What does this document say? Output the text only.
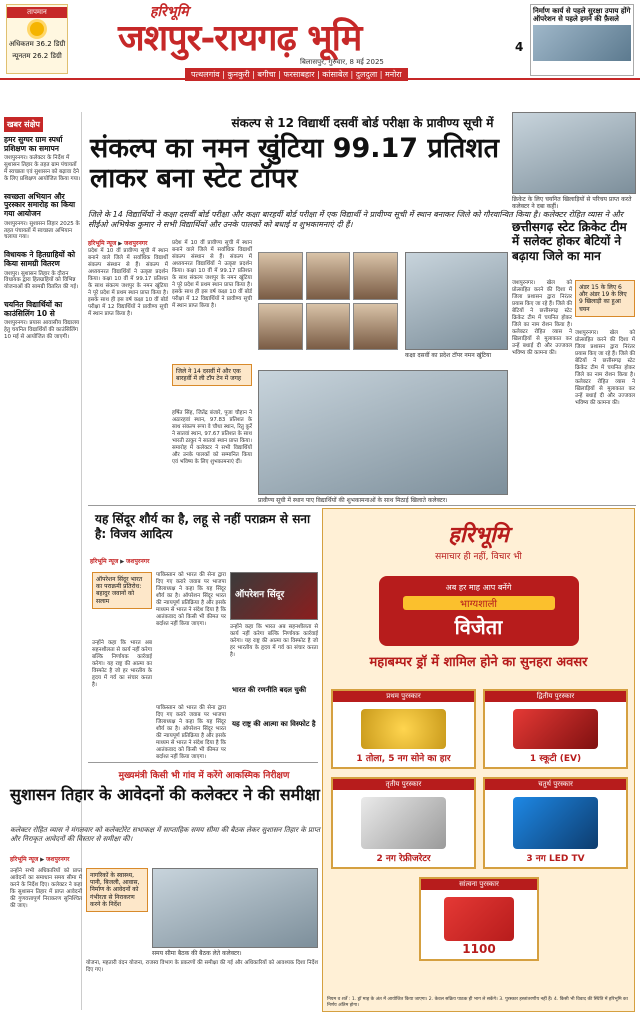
तापमान
अधिकतम 36.2 डिग्री
न्यूनतम 26.2 डिग्री
हरिभूमि
जशपुर-रायगढ़ भूमि
बिलासपुर, गुरुवार, 8 मई 2025
पत्थलगांव | कुनकुरी | बगीचा | फरसाबहार | कांसाबेल | दुलदुला | मनोरा
4
निर्माण कार्य से पहले सुरक्षा उपाय होंगे ऑपरेशन से पहले हमने की फ़ैसले
खबर संक्षेप
हमर सुग्घर ग्राम स्पर्धा प्रशिक्षण का समापन

जशपुरनगर। कलेक्टर के निर्देश में सुशासन तिहार के तहत ग्राम पंचायतों में स्वच्छता एवं सुशासन को बढ़ावा देने के लिए प्रशिक्षण आयोजित किया गया।

स्वच्छता अभियान और पुरस्कार समारोह का किया गया आयोजन

जशपुरनगर। सुशासन तिहार 2025 के तहत पंचायतों में स्वच्छता अभियान चलाया गया।

विधायक ने हितग्राहियों को किया सामग्री वितरण

जशपुर। सुशासन तिहार के दौरान विधायक द्वारा हितग्राहियों को विभिन्न योजनाओं की सामग्री वितरित की गई।

चयनित विद्यार्थियों का काउंसिलिंग 10 से

जशपुरनगर। प्रयास आवासीय विद्यालय हेतु चयनित विद्यार्थियों की काउंसिलिंग 10 मई से आयोजित की जाएगी।

संकल्प से 12 विद्यार्थी दसवीं बोर्ड परीक्षा के प्रावीण्य सूची में
संकल्प का नमन खुंटिया 99.17 प्रतिशत लाकर बना स्टेट टॉपर
जिले के 14 विद्यार्थियों ने कक्षा दसवीं बोर्ड परीक्षा और कक्षा बारहवीं बोर्ड परीक्षा में एक विद्यार्थी ने प्रावीण्य सूची में स्थान बनाकर जिले को गौरवान्वित किया है। कलेक्टर रोहित व्यास ने और सीईओ अभिषेक कुमार ने सभी विद्यार्थियों और उनके पालकों को बधाई व शुभकामनाएं दी हैं।
हरिभूमि न्यूज ▶ जशपुरनगर
प्रदेश में 10 वीं प्रावीण्य सूची में स्थान बनाने वाले जिले में सर्वाधिक विद्यार्थी संकल्प संस्थान से हैं। संकल्प में अध्ययनरत विद्यार्थियों ने उत्कृष्ट प्रदर्शन किया। कक्षा 10 वीं में 99.17 प्रतिशत के साथ संकल्प जशपुर के नमन खुंटिया ने पूरे प्रदेश में प्रथम स्थान प्राप्त किया है। इसके साथ ही इस वर्ष कक्षा 10 वीं बोर्ड परीक्षा में 12 विद्यार्थियों ने प्रावीण्य सूची में स्थान प्राप्त किया है।
प्रदेश में 10 वीं प्रावीण्य सूची में स्थान बनाने वाले जिले में सर्वाधिक विद्यार्थी संकल्प संस्थान से हैं। संकल्प में अध्ययनरत विद्यार्थियों ने उत्कृष्ट प्रदर्शन किया। कक्षा 10 वीं में 99.17 प्रतिशत के साथ संकल्प जशपुर के नमन खुंटिया ने पूरे प्रदेश में प्रथम स्थान प्राप्त किया है। इसके साथ ही इस वर्ष कक्षा 10 वीं बोर्ड परीक्षा में 12 विद्यार्थियों ने प्रावीण्य सूची में स्थान प्राप्त किया है।
कक्षा दसवीं का प्रदेश टॉपर नमन खुंटिया
जिले ने 14 दसवीं में और एक बारहवीं में ली टॉप टेन में जगह
प्रावीण्य सूची में स्थान पाए विद्यार्थियों की शुभकामनाओं के साथ मिठाई खिलाते कलेक्टर।
हर्षित सिंह, जितेंद्र बंजारे, पूजा चौहान ने अठारहवां स्थान, 97.83 प्रतिशत के साथ संकल्प रूपा वे चौथा स्थान, रितु कुर्रे ने सातवां स्थान, 97.67 प्रतिशत के साथ भारती ठाकुर ने सातवां स्थान प्राप्त किया। समारोह में कलेक्टर ने सभी विद्यार्थियों और उनके पालकों को सम्मानित किया एवं भविष्य के लिए शुभकामनाएं दीं।
क्रिकेट के लिए चयनित खिलाड़ियों से परिचय प्राप्त करते कलेक्टर ने दबा कहीं।
छत्तीसगढ़ स्टेट क्रिकेट टीम में सलेक्ट होकर बेटियों ने बढ़ाया जिले का मान
अंडर 15 के लिए 6 और अंडर 19 के लिए 9 खिलाड़ी का हुआ चयन
जशपुरनगर। खेल को प्रोत्साहित करने की दिशा में जिला प्रशासन द्वारा निरंतर प्रयास किए जा रहे हैं। जिले की बेटियों ने छत्तीसगढ़ स्टेट क्रिकेट टीम में चयनित होकर जिले का नाम रोशन किया है। कलेक्टर रोहित व्यास ने खिलाड़ियों से मुलाकात कर उन्हें बधाई दी और उज्जवल भविष्य की कामना की।
जशपुरनगर। खेल को प्रोत्साहित करने की दिशा में जिला प्रशासन द्वारा निरंतर प्रयास किए जा रहे हैं। जिले की बेटियों ने छत्तीसगढ़ स्टेट क्रिकेट टीम में चयनित होकर जिले का नाम रोशन किया है। कलेक्टर रोहित व्यास ने खिलाड़ियों से मुलाकात कर उन्हें बधाई दी और उज्जवल भविष्य की कामना की।
यह सिंदूर शौर्य का है, लहू से नहीं पराक्रम से सना है: विजय आदित्य
हरिभूमि न्यूज ▶ जशपुरनगर
ऑपरेशन सिंदूर भारत का पराक्रमी प्रतिरोध: बहादुर जवानों को सलाम
पाकिस्तान को भारत की सेना द्वारा दिए गए करारे जवाब पर भाजपा जिलाध्यक्ष ने कहा कि यह सिंदूर शौर्य का है। ऑपरेशन सिंदूर भारत की न्यायपूर्ण प्रतिक्रिया है और इसके माध्यम से भारत ने संदेश दिया है कि आतंकवाद को किसी भी कीमत पर बर्दाश्त नहीं किया जाएगा।
ऑपरेशन सिंदूर
उन्होंने कहा कि भारत अब सहनशीलता से कार्य नहीं करेगा बल्कि निर्णायक कार्रवाई करेगा। यह राष्ट्र की आत्मा का विस्फोट है जो हर भारतीय के हृदय में गर्व का संचार करता है।
भारत की रणनीति बदल चुकी
यह राष्ट्र की आत्मा का विस्फोट है
उन्होंने कहा कि भारत अब सहनशीलता से कार्य नहीं करेगा बल्कि निर्णायक कार्रवाई करेगा। यह राष्ट्र की आत्मा का विस्फोट है जो हर भारतीय के हृदय में गर्व का संचार करता है।
पाकिस्तान को भारत की सेना द्वारा दिए गए करारे जवाब पर भाजपा जिलाध्यक्ष ने कहा कि यह सिंदूर शौर्य का है। ऑपरेशन सिंदूर भारत की न्यायपूर्ण प्रतिक्रिया है और इसके माध्यम से भारत ने संदेश दिया है कि आतंकवाद को किसी भी कीमत पर बर्दाश्त नहीं किया जाएगा।
मुख्यमंत्री किसी भी गांव में करेंगे आकस्मिक निरीक्षण
सुशासन तिहार के आवेदनों की कलेक्टर ने की समीक्षा
कलेक्टर रोहित व्यास ने मंगलवार को कलेक्टोरेट सभाकक्ष में साप्ताहिक समय सीमा की बैठक लेकर सुशासन तिहार के प्राप्त और निराकृत आवेदनों की विस्तार से समीक्षा की।
हरिभूमि न्यूज ▶ जशपुरनगर
उन्होंने सभी अधिकारियों को प्राप्त आवेदनों का समाधान समय सीमा में करने के निर्देश दिए। कलेक्टर ने कहा कि सुशासन तिहार में प्राप्त आवेदनों की गुणवत्तापूर्ण निराकरण सुनिश्चित की जाए।
नागरिकों के स्वास्थ्य, पानी, बिजली, आवास, निर्माण के आवेदनों को गंभीरता से निराकरण करने के निर्देश
समय सीमा बैठक की बैठक लेते कलेक्टर।
योजना, महतारी वंदन योजना, राजस्व विभाग के प्रकरणों की समीक्षा की गई और अधिकारियों को आवश्यक दिशा निर्देश दिए गए।
हरिभूमि
समाचार ही नहीं, विचार भी
अब हर माह आप बनेंगे
भाग्यशाली
विजेता
महाबम्पर ड्रॉ में शामिल होने का सुनहरा अवसर
प्रथम पुरस्कार
1 तोला, 5 नग सोने का हार
द्वितीय पुरस्कार
1 स्कूटी (EV)
तृतीय पुरस्कार
2 नग रेफ्रीजरेटर
चतुर्थ पुरस्कार
3 नग LED TV
सांत्वना पुरस्कार
1100
नियम व शर्तें : 1. ड्रॉ माह के अंत में आयोजित किया जाएगा। 2. केवल सक्रिय पाठक ही भाग ले सकेंगे। 3. पुरस्कार हस्तांतरणीय नहीं हैं। 4. किसी भी विवाद की स्थिति में हरिभूमि का निर्णय अंतिम होगा।
